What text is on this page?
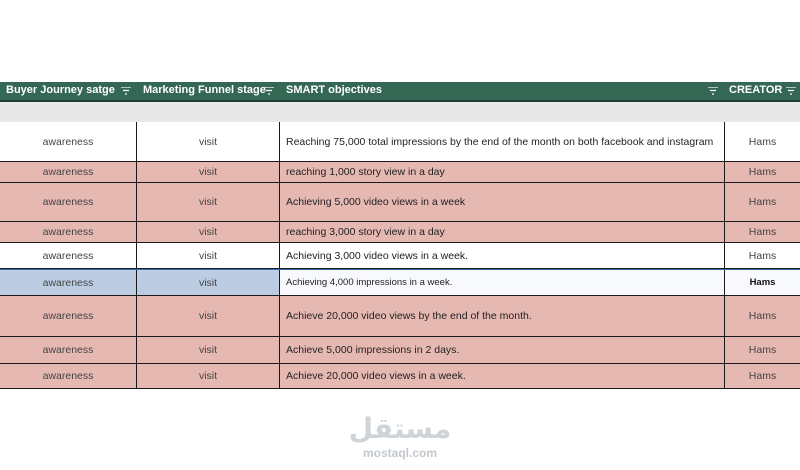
Buyer Journey satge	Marketing Funnel stage	SMART objectives	CREATOR
awareness	visit	Reaching 75,000 total impressions by the end of the month on both facebook and instagram	Hams
awareness	visit	reaching 1,000 story view in a day	Hams
awareness	visit	Achieving 5,000 video views in a week	Hams
awareness	visit	reaching 3,000 story view in a day	Hams
awareness	visit	Achieving 3,000 video views in a week.	Hams
awareness	visit	Achieving 4,000 impressions in a week.	Hams
awareness	visit	Achieve 20,000 video views by the end of the month.	Hams
awareness	visit	Achieve 5,000 impressions in 2 days.	Hams
awareness	visit	Achieve 20,000 video views in a week.	Hams
مستقل
mostaql.com
